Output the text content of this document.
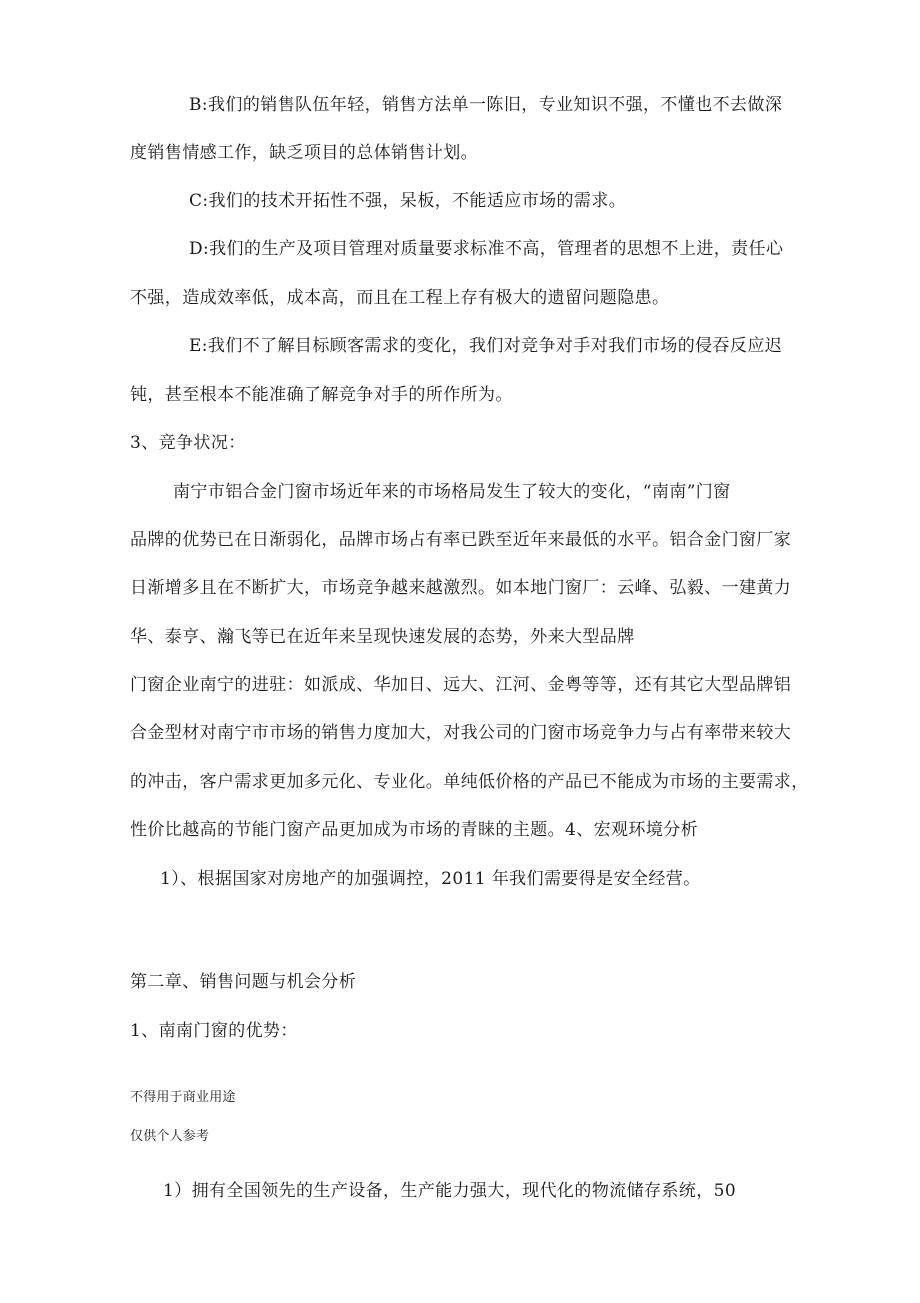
B:我们的销售队伍年轻，销售方法单一陈旧，专业知识不强，不懂也不去做深
度销售情感工作，缺乏项目的总体销售计划。
C:我们的技术开拓性不强，呆板，不能适应市场的需求。
D:我们的生产及项目管理对质量要求标准不高，管理者的思想不上进，责任心
不强，造成效率低，成本高，而且在工程上存有极大的遗留问题隐患。
E:我们不了解目标顾客需求的变化，我们对竞争对手对我们市场的侵吞反应迟
钝，甚至根本不能准确了解竞争对手的所作所为。
3、竞争状况：
南宁市铝合金门窗市场近年来的市场格局发生了较大的变化，“南南”门窗
品牌的优势已在日渐弱化，品牌市场占有率已跌至近年来最低的水平。铝合金门窗厂家
日渐增多且在不断扩大，市场竞争越来越激烈。如本地门窗厂：云峰、弘毅、一建黄力
华、泰亨、瀚飞等已在近年来呈现快速发展的态势，外来大型品牌
门窗企业南宁的进驻：如派成、华加日、远大、江河、金粤等等，还有其它大型品牌铝
合金型材对南宁市市场的销售力度加大，对我公司的门窗市场竞争力与占有率带来较大
的冲击，客户需求更加多元化、专业化。单纯低价格的产品已不能成为市场的主要需求，
性价比越高的节能门窗产品更加成为市场的青睐的主题。4、宏观环境分析
1）、根据国家对房地产的加强调控，2011 年我们需要得是安全经营。
第二章、销售问题与机会分析
1、南南门窗的优势：
不得用于商业用途
仅供个人参考
1）拥有全国领先的生产设备，生产能力强大，现代化的物流储存系统，50
